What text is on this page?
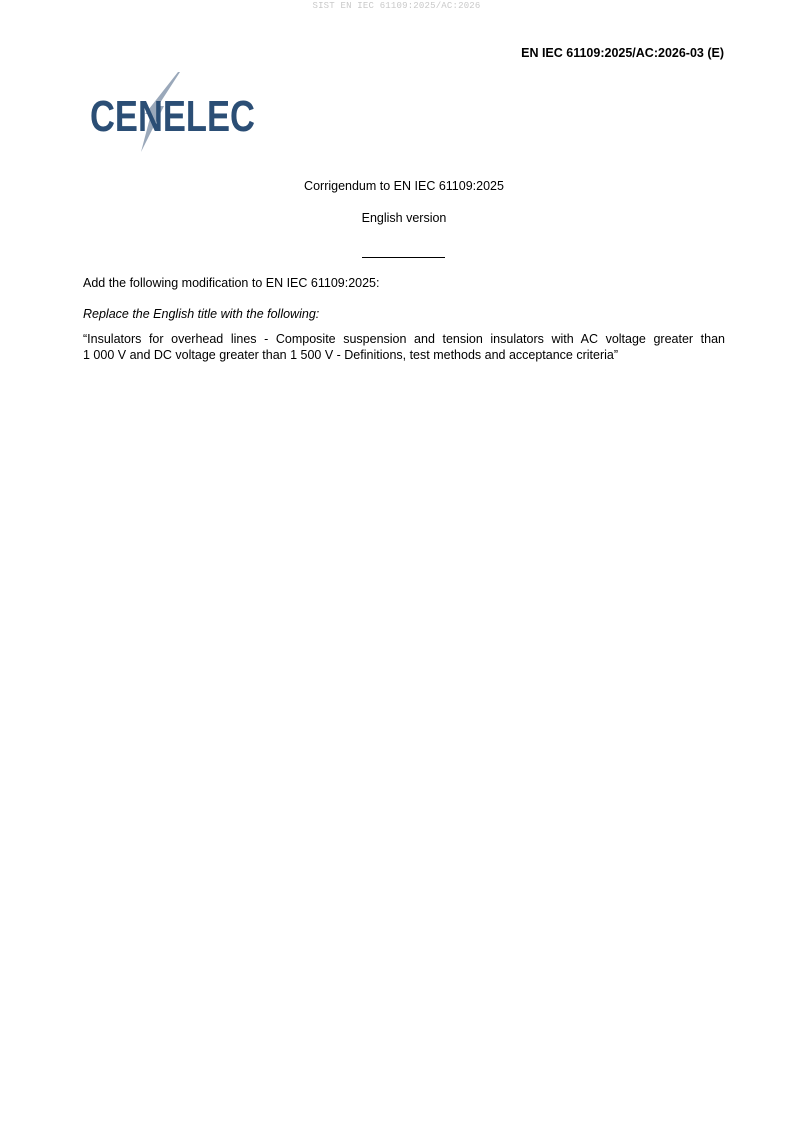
SIST EN IEC 61109:2025/AC:2026
EN IEC 61109:2025/AC:2026-03 (E)
CENELEC
Corrigendum to EN IEC 61109:2025
English version
Add the following modification to EN IEC 61109:2025:
Replace the English title with the following:
“Insulators for overhead lines - Composite suspension and tension insulators with AC voltage greater than
1 000 V and DC voltage greater than 1 500 V - Definitions, test methods and acceptance criteria”
